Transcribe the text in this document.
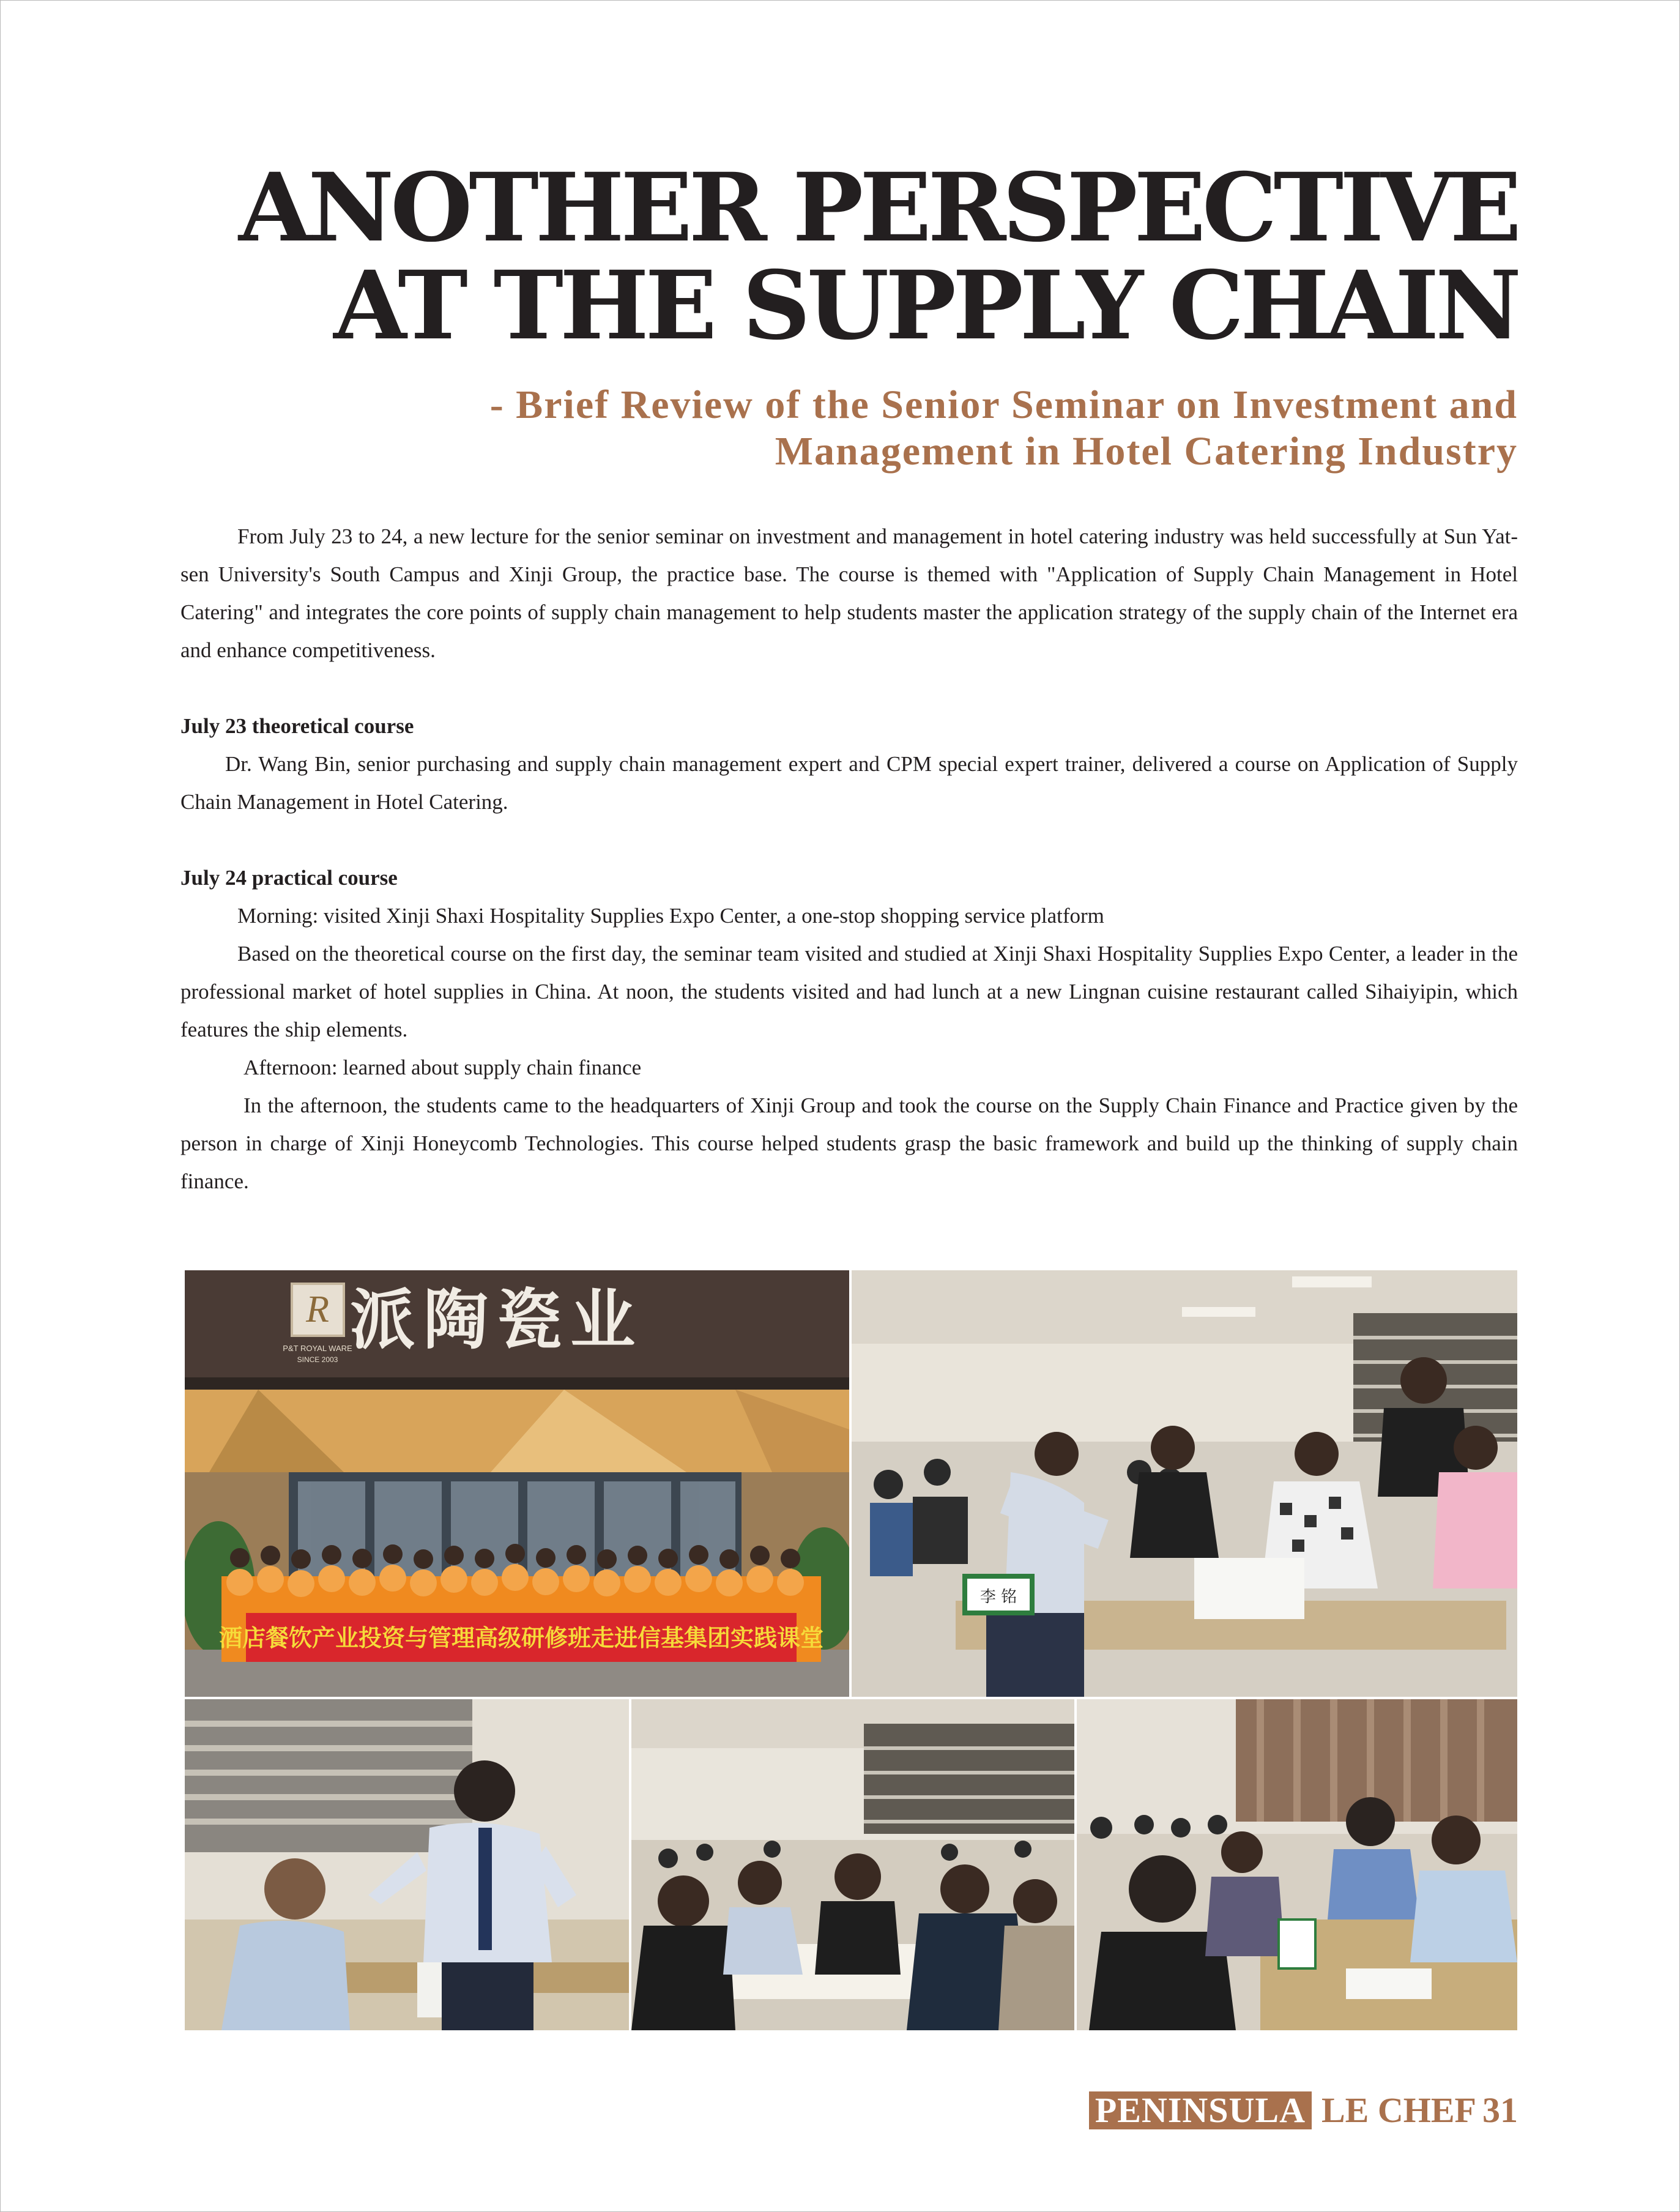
ANOTHER PERSPECTIVE
AT THE SUPPLY CHAIN
- Brief Review of the Senior Seminar on Investment and
Management in Hotel Catering Industry

From July 23 to 24, a new lecture for the senior seminar on investment and management in hotel catering industry was held successfully at Sun Yat-sen University's South Campus and Xinji Group, the practice base. The course is themed with "Application of Supply Chain Management in Hotel Catering" and integrates the core points of supply chain management to help students master the application strategy of the supply chain of the Internet era and enhance competitiveness.

July 23 theoretical course

Dr. Wang Bin, senior purchasing and supply chain management expert and CPM special expert trainer, delivered a course on Application of Supply Chain Management in Hotel Catering.

July 24 practical course

Morning: visited Xinji Shaxi Hospitality Supplies Expo Center, a one-stop shopping service platform

Based on the theoretical course on the first day, the seminar team visited and studied at Xinji Shaxi Hospitality Supplies Expo Center, a leader in the professional market of hotel supplies in China. At noon, the students visited and had lunch at a new Lingnan cuisine restaurant called Sihaiyipin, which features the ship elements.

Afternoon: learned about supply chain finance

In the afternoon, the students came to the headquarters of Xinji Group and took the course on the Supply Chain Finance and Practice given by the person in charge of Xinji Honeycomb Technologies. This course helped students grasp the basic framework and build up the thinking of supply chain finance.

R
P&T ROYAL WARE
SINCE 2003
派陶瓷业
酒店餐饮产业投资与管理高级研修班走进信基集团实践课堂
李 铭
PENINSULA LE CHEF 31
